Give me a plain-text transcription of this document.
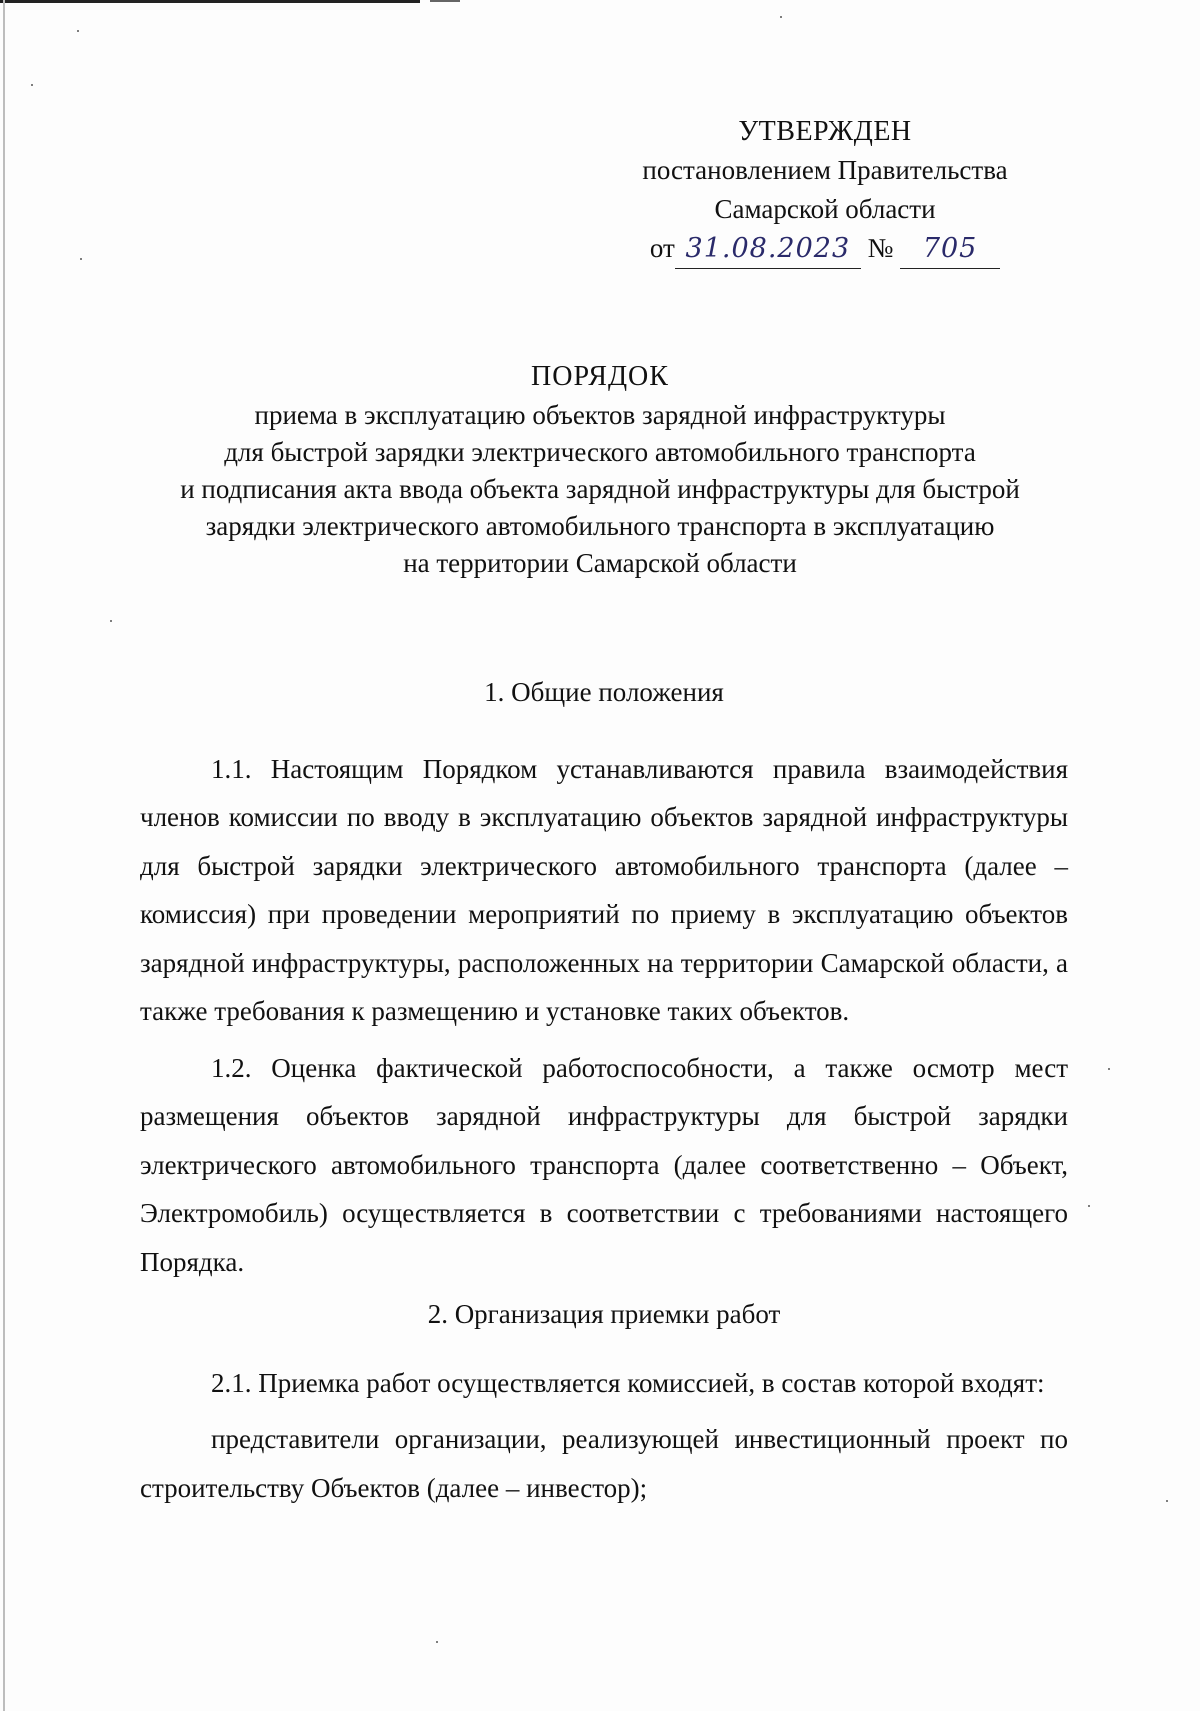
УТВЕРЖДЕН
постановлением Правительства
Самарской области
от 31.08.2023 № 705
ПОРЯДОК
приема в эксплуатацию объектов зарядной инфраструктуры
для быстрой зарядки электрического автомобильного транспорта
и подписания акта ввода объекта зарядной инфраструктуры для быстрой
зарядки электрического автомобильного транспорта в эксплуатацию
на территории Самарской области

1. Общие положения

1.1. Настоящим Порядком устанавливаются правила взаимодействия членов комиссии по вводу в эксплуатацию объектов зарядной инфраструктуры для быстрой зарядки электрического автомобильного транспорта (далее – комиссия) при проведении мероприятий по приему в эксплуатацию объектов зарядной инфраструктуры, расположенных на территории Самарской области, а также требования к размещению и установке таких объектов.

1.2. Оценка фактической работоспособности, а также осмотр мест размещения объектов зарядной инфраструктуры для быстрой зарядки электрического автомобильного транспорта (далее соответственно – Объект, Электромобиль) осуществляется в соответствии с требованиями настоящего Порядка.

2. Организация приемки работ

2.1. Приемка работ осуществляется комиссией, в состав которой входят:

представители организации, реализующей инвестиционный проект по строительству Объектов (далее – инвестор);
